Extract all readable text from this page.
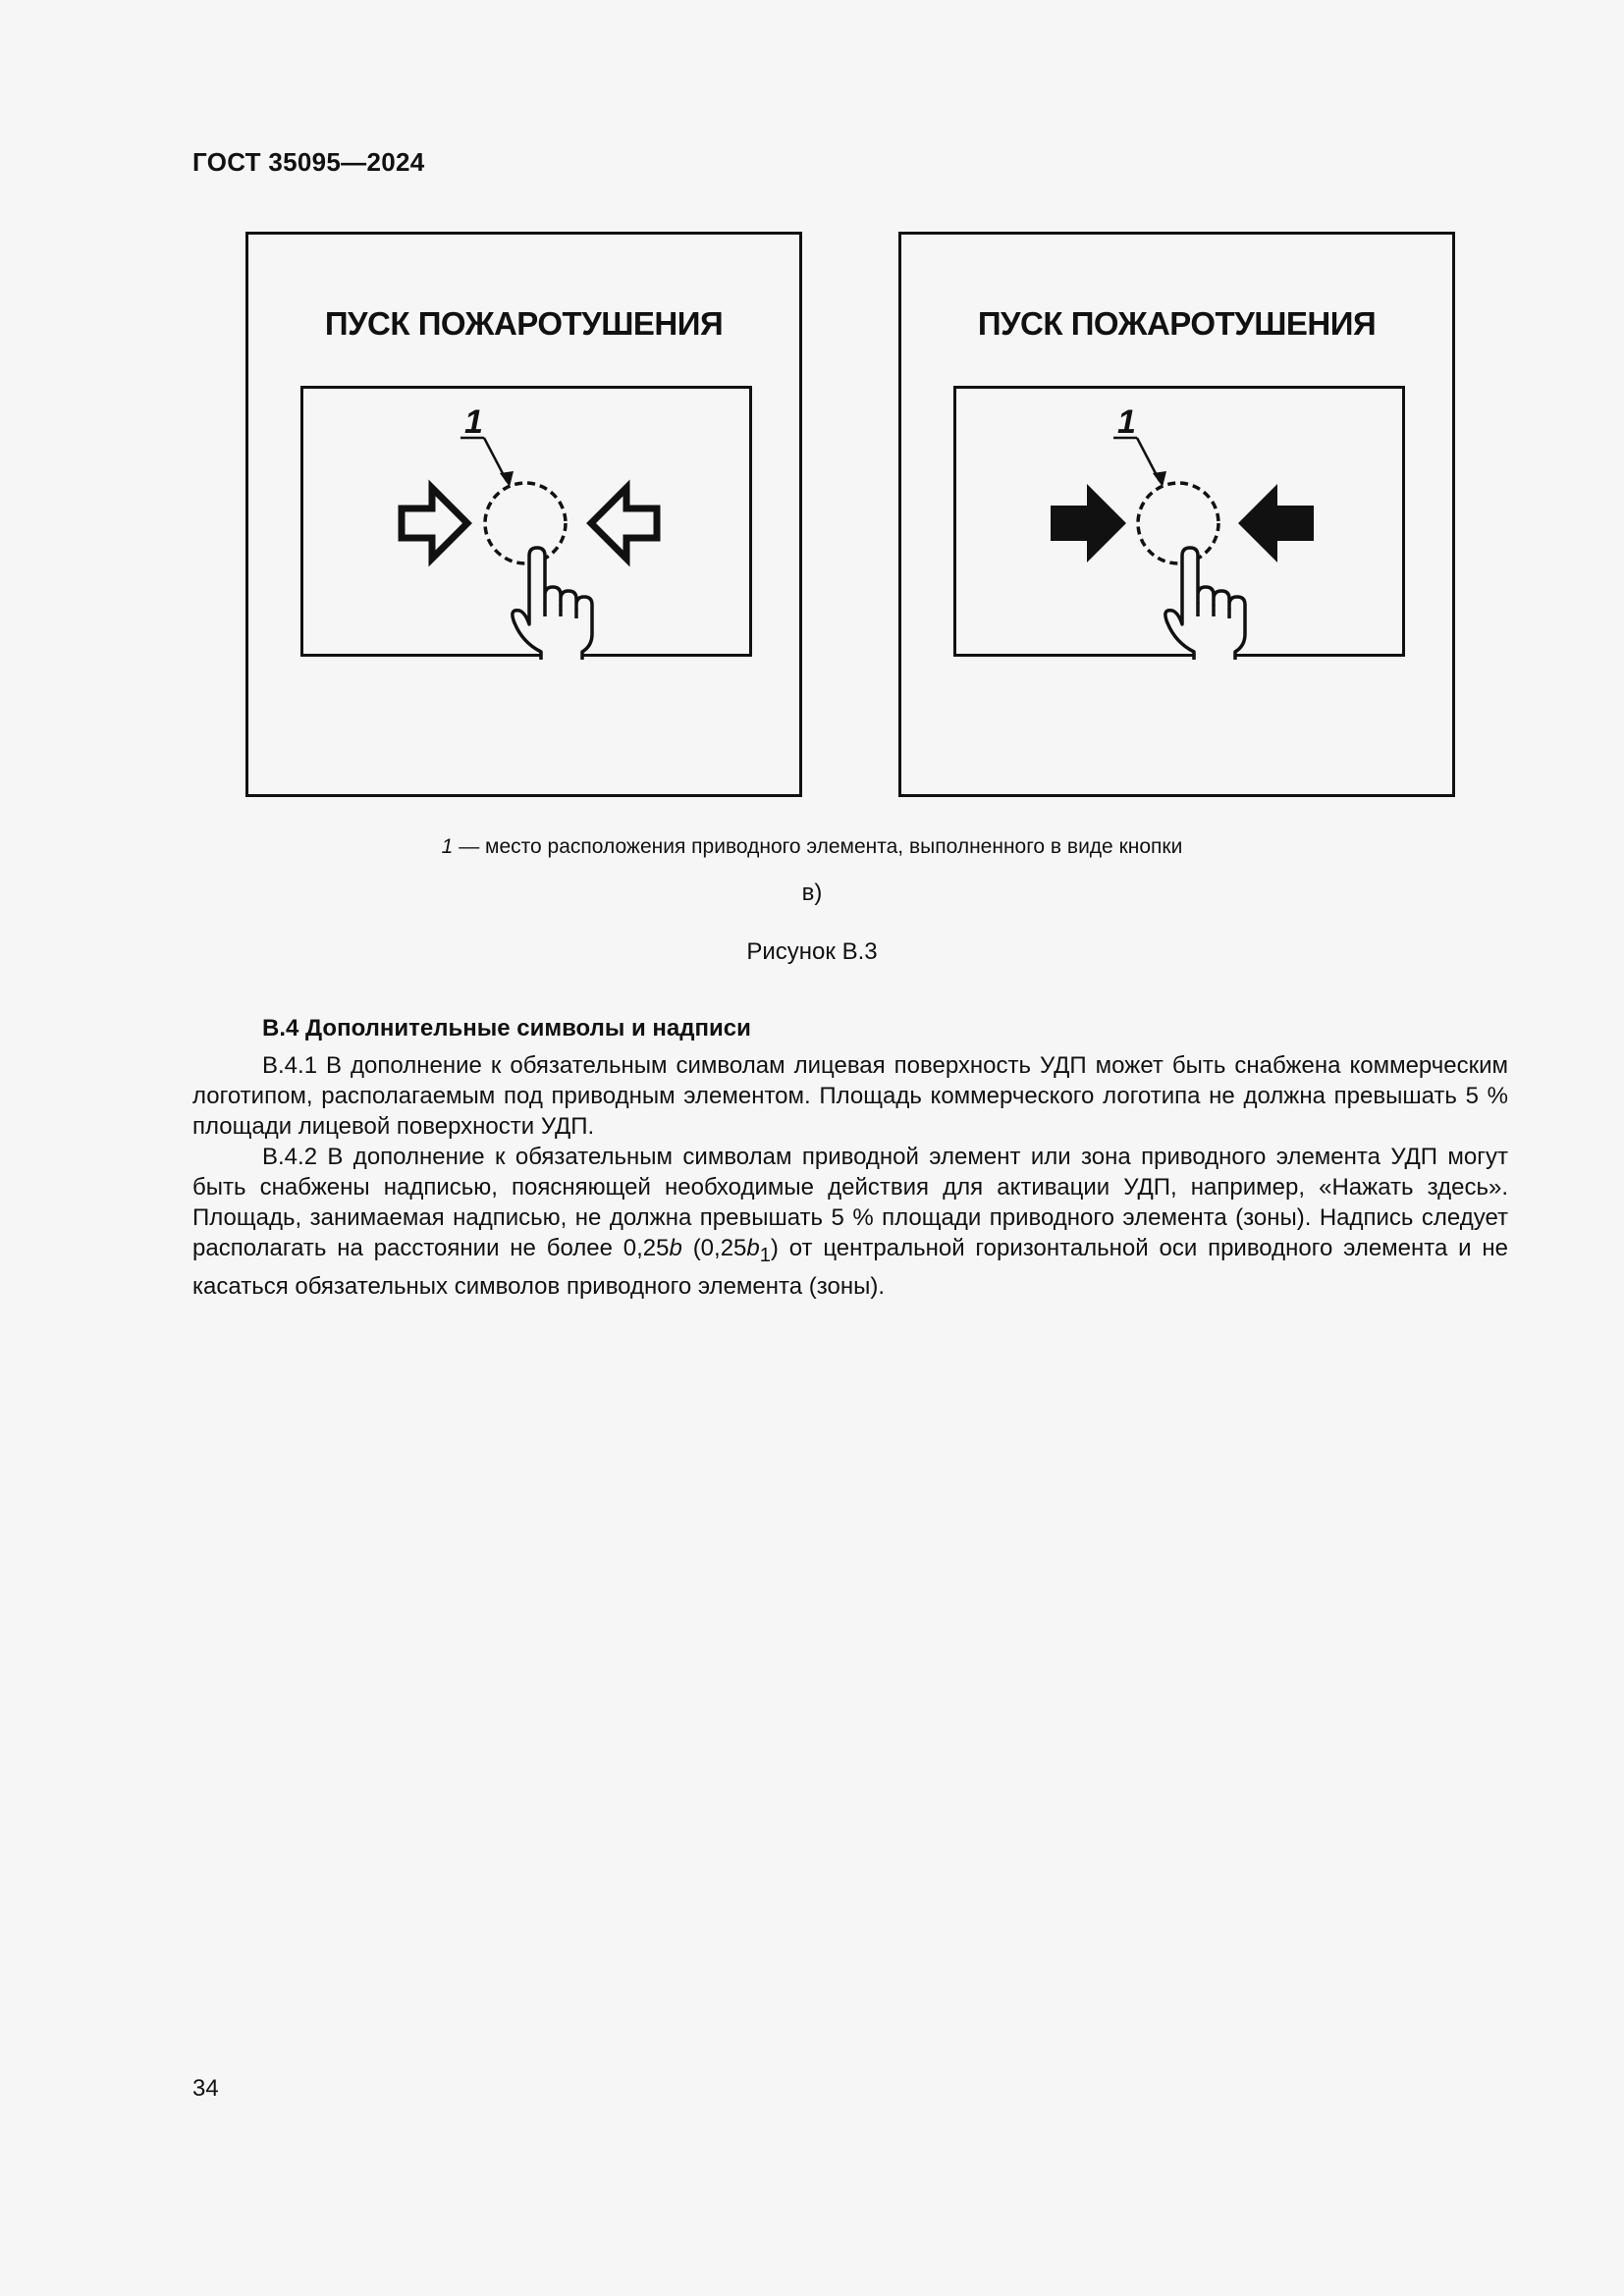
ГОСТ 35095—2024
ПУСК ПОЖАРОТУШЕНИЯ
1
ПУСК ПОЖАРОТУШЕНИЯ
1
1 — место расположения приводного элемента, выполненного в виде кнопки
в)
Рисунок В.3
В.4 Дополнительные символы и надписи

В.4.1 В дополнение к обязательным символам лицевая поверхность УДП может быть снабжена коммерческим логотипом, располагаемым под приводным элементом. Площадь коммерческого логотипа не должна превышать 5 % площади лицевой поверхности УДП.

В.4.2 В дополнение к обязательным символам приводной элемент или зона приводного элемента УДП могут быть снабжены надписью, поясняющей необходимые действия для активации УДП, например, «Нажать здесь». Площадь, занимаемая надписью, не должна превышать 5 % площади приводного элемента (зоны). Надпись следует располагать на расстоянии не более 0,25b $(0,25b_1)$ от центральной горизонтальной оси приводного элемента и не касаться обязательных символов приводного элемента (зоны).

34
